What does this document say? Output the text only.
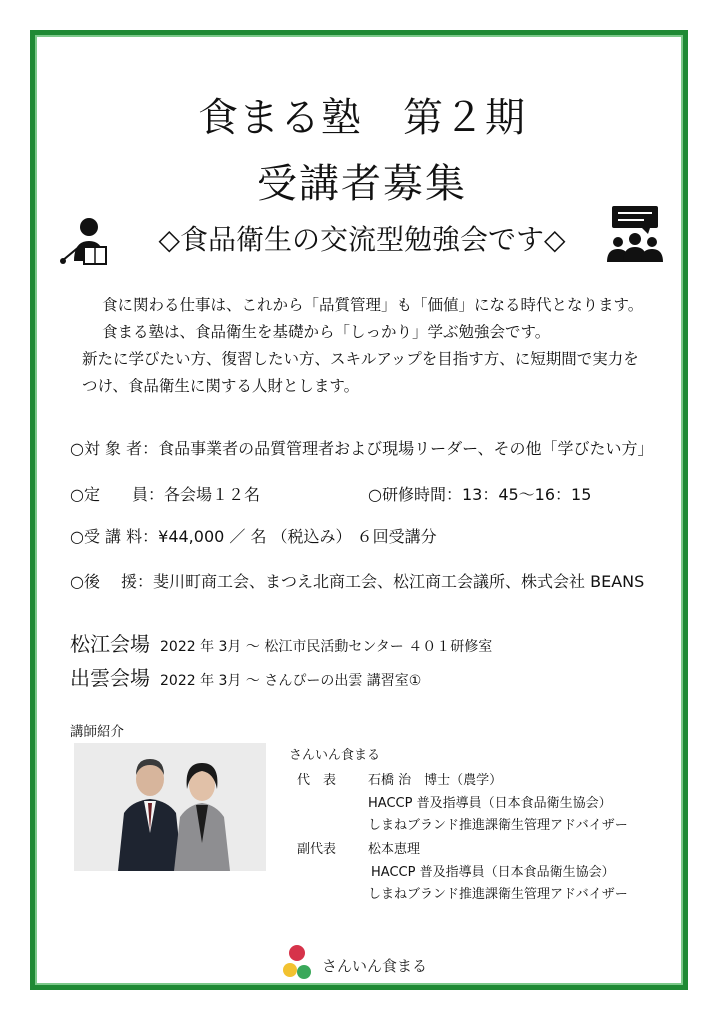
食まる塾　第２期
受講者募集
◇食品衛生の交流型勉強会です◇
食に関わる仕事は、これから「品質管理」も「価値」になる時代となります。
食まる塾は、食品衛生を基礎から「しっかり」学ぶ勉強会です。
新たに学びたい方、復習したい方、スキルアップを目指す方、に短期間で実力を
つけ、食品衛生に関する人財とします。
○対 象 者：食品事業者の品質管理者および現場リーダー、その他「学びたい方」
○定　　員：各会場１２名	○研修時間：13：45～16：15
○受 講 料：¥44,000 ／ 名 （税込み） ６回受講分
○後　 援：斐川町商工会、まつえ北商工会、松江商工会議所、株式会社 BEANS
松江会場 2022 年 3月 ～ 松江市民活動センター ４０１研修室
出雲会場 2022 年 3月 ～ さんぴーの出雲 講習室①
講師紹介
さんいん食まる
代　表 石橋 治　博士（農学）
HACCP 普及指導員（日本食品衛生協会）
しまねブランド推進課衛生管理アドバイザー
副代表 松本恵理
HACCP 普及指導員（日本食品衛生協会）
しまねブランド推進課衛生管理アドバイザー
さんいん食まる
